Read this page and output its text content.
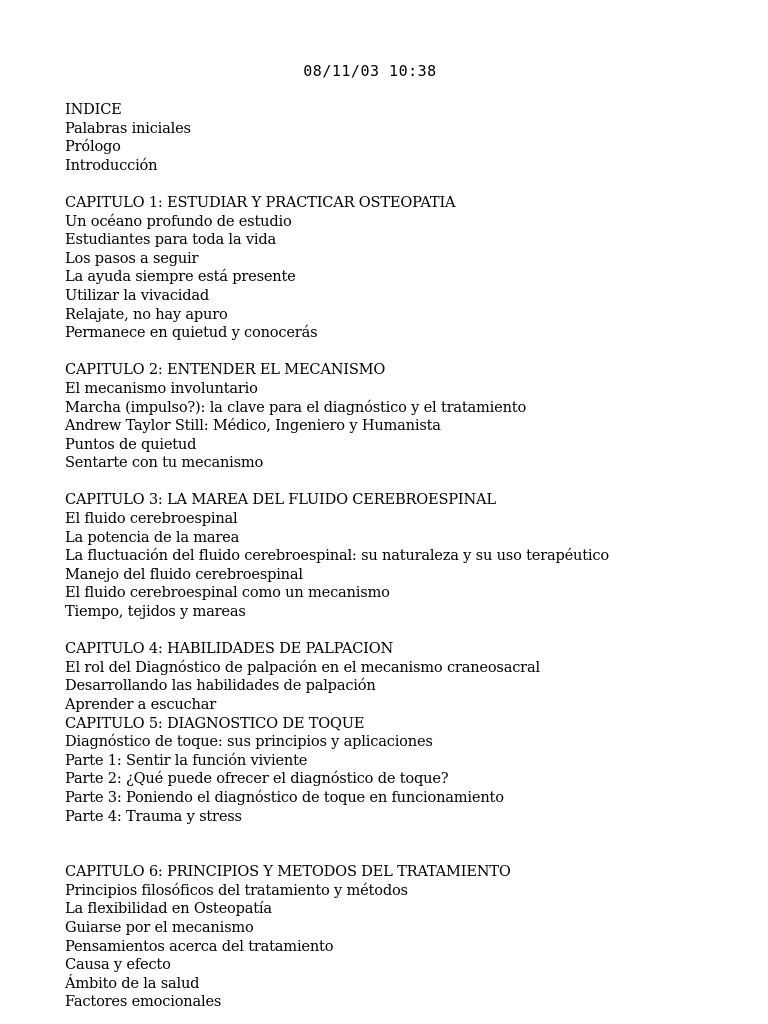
08/11/03 10:38
INDICE
Palabras iniciales
Prólogo
Introducción
CAPITULO 1: ESTUDIAR Y PRACTICAR OSTEOPATIA
Un océano profundo de estudio
Estudiantes para toda la vida
Los pasos a seguir
La ayuda siempre está presente
Utilizar la vivacidad
Relajate, no hay apuro
Permanece en quietud y conocerás
CAPITULO 2: ENTENDER EL MECANISMO
El mecanismo involuntario
Marcha (impulso?): la clave para el diagnóstico y el tratamiento
Andrew Taylor Still: Médico, Ingeniero y Humanista
Puntos de quietud
Sentarte con tu mecanismo
CAPITULO 3: LA MAREA DEL FLUIDO CEREBROESPINAL
El fluido cerebroespinal
La potencia de la marea
La fluctuación del fluido cerebroespinal: su naturaleza y su uso terapéutico
Manejo del fluido cerebroespinal
El fluido cerebroespinal como un mecanismo
Tiempo, tejidos y mareas
CAPITULO 4: HABILIDADES DE PALPACION
El rol del Diagnóstico de palpación en el mecanismo craneosacral
Desarrollando las habilidades de palpación
Aprender a escuchar
CAPITULO 5: DIAGNOSTICO DE TOQUE
Diagnóstico de toque: sus principios y aplicaciones
Parte 1: Sentir la función viviente
Parte 2: ¿Qué puede ofrecer el diagnóstico de toque?
Parte 3: Poniendo el diagnóstico de toque en funcionamiento
Parte 4: Trauma y stress
CAPITULO 6: PRINCIPIOS Y METODOS DEL TRATAMIENTO
Principios filosóficos del tratamiento y métodos
La flexibilidad en Osteopatía
Guiarse por el mecanismo
Pensamientos acerca del tratamiento
Causa y efecto
Ámbito de la salud
Factores emocionales
